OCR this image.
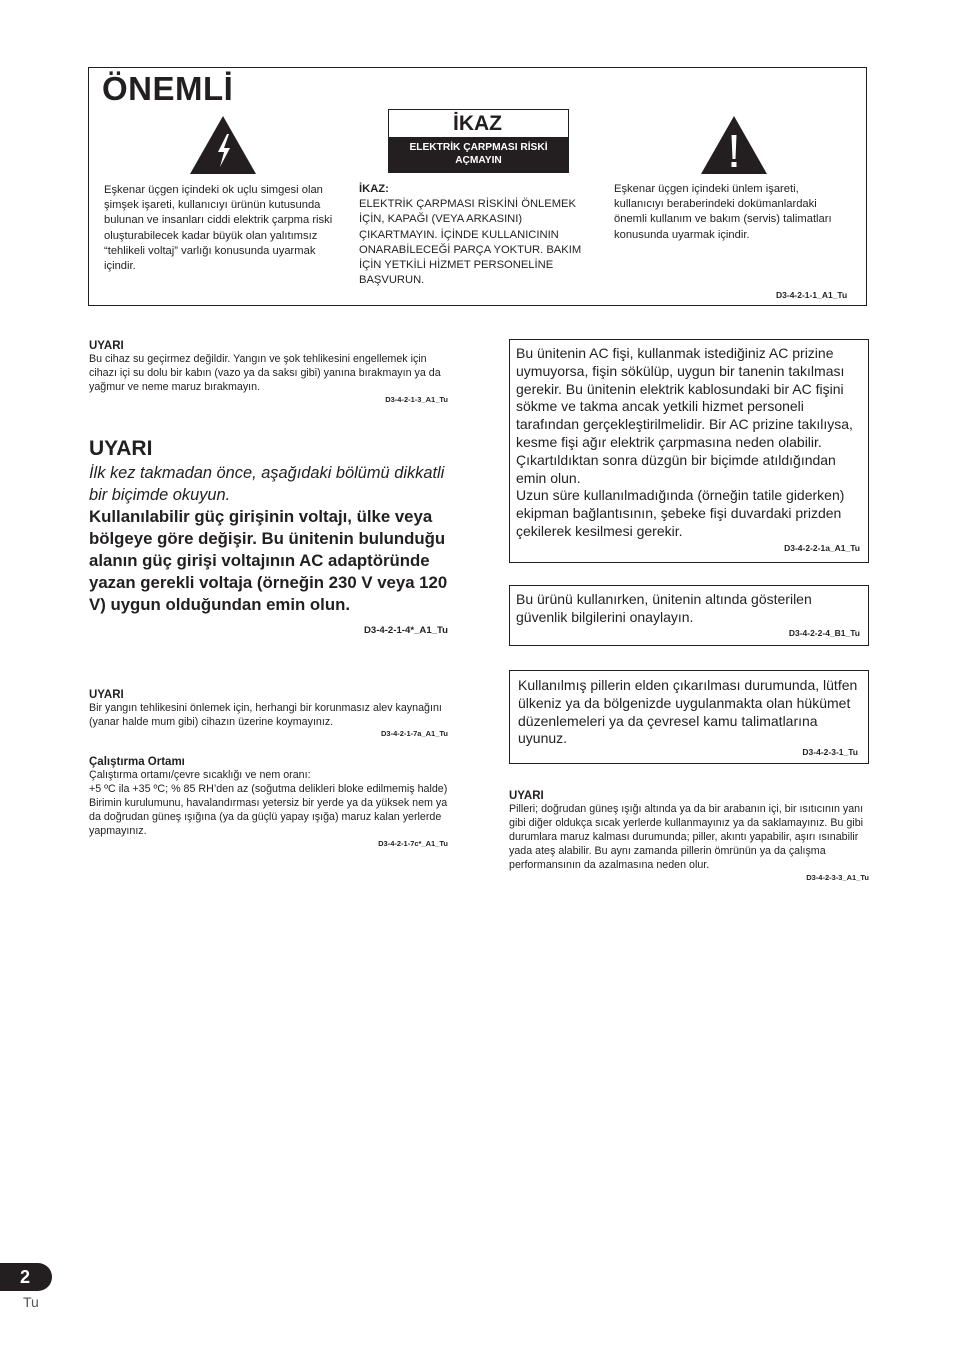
ÖNEMLİ
Eşkenar üçgen içindeki ok uçlu simgesi olan şimşek işareti, kullanıcıyı ürünün kutusunda bulunan ve insanları ciddi elektrik çarpma riski oluşturabilecek kadar büyük olan yalıtımsız “tehlikeli voltaj” varlığı konusunda uyarmak içindir.
İKAZ
ELEKTRİK ÇARPMASI RİSKİ AÇMAYIN
İKAZ:
ELEKTRİK ÇARPMASI RİSKİNİ ÖNLEMEK İÇİN, KAPAĞI (VEYA ARKASINI) ÇIKARTMAYIN. İÇİNDE KULLANICININ ONARABİLECEĞİ PARÇA YOKTUR. BAKIM İÇİN YETKİLİ HİZMET PERSONELİNE BAŞVURUN.
Eşkenar üçgen içindeki ünlem işareti, kullanıcıyı beraberindeki dokümanlardaki önemli kullanım ve bakım (servis) talimatları konusunda uyarmak içindir.
D3-4-2-1-1_A1_Tu
UYARI
Bu cihaz su geçirmez değildir. Yangın ve şok tehlikesini engellemek için cihazı içi su dolu bir kabın (vazo ya da saksı gibi) yanına bırakmayın ya da yağmur ve neme maruz bırakmayın.
D3-4-2-1-3_A1_Tu
UYARI
İlk kez takmadan önce, aşağıdaki bölümü dikkatli bir biçimde okuyun.
Kullanılabilir güç girişinin voltajı, ülke veya bölgeye göre değişir. Bu ünitenin bulunduğu alanın güç girişi voltajının AC adaptöründe yazan gerekli voltaja (örneğin 230 V veya 120 V) uygun olduğundan emin olun.
D3-4-2-1-4*_A1_Tu
UYARI
Bir yangın tehlikesini önlemek için, herhangi bir korunmasız alev kaynağını (yanar halde mum gibi) cihazın üzerine koymayınız.
D3-4-2-1-7a_A1_Tu
Çalıştırma Ortamı
Çalıştırma ortamı/çevre sıcaklığı ve nem oranı:
+5 ºC ila +35 ºC; % 85 RH’den az (soğutma delikleri bloke edilmemiş halde)
Birimin kurulumunu, havalandırması yetersiz bir yerde ya da yüksek nem ya da doğrudan güneş ışığına (ya da güçlü yapay ışığa) maruz kalan yerlerde yapmayınız.
D3-4-2-1-7c*_A1_Tu
Bu ünitenin AC fişi, kullanmak istediğiniz AC prizine uymuyorsa, fişin sökülüp, uygun bir tanenin takılması gerekir. Bu ünitenin elektrik kablosundaki bir AC fişini sökme ve takma ancak yetkili hizmet personeli tarafından gerçekleştirilmelidir. Bir AC prizine takılıysa, kesme fişi ağır elektrik çarpmasına neden olabilir. Çıkartıldıktan sonra düzgün bir biçimde atıldığından emin olun.
Uzun süre kullanılmadığında (örneğin tatile giderken) ekipman bağlantısının, şebeke fişi duvardaki prizden çekilerek kesilmesi gerekir.
D3-4-2-2-1a_A1_Tu
Bu ürünü kullanırken, ünitenin altında gösterilen güvenlik bilgilerini onaylayın.
D3-4-2-2-4_B1_Tu
Kullanılmış pillerin elden çıkarılması durumunda, lütfen ülkeniz ya da bölgenizde uygulanmakta olan hükümet düzenlemeleri ya da çevresel kamu talimatlarına uyunuz.
D3-4-2-3-1_Tu
UYARI
Pilleri; doğrudan güneş ışığı altında ya da bir arabanın içi, bir ısıtıcının yanı gibi diğer oldukça sıcak yerlerde kullanmayınız ya da saklamayınız. Bu gibi durumlara maruz kalması durumunda; piller, akıntı yapabilir, aşırı ısınabilir yada ateş alabilir. Bu aynı zamanda pillerin ömrünün ya da çalışma performansının da azalmasına neden olur.
D3-4-2-3-3_A1_Tu
2
Tu
